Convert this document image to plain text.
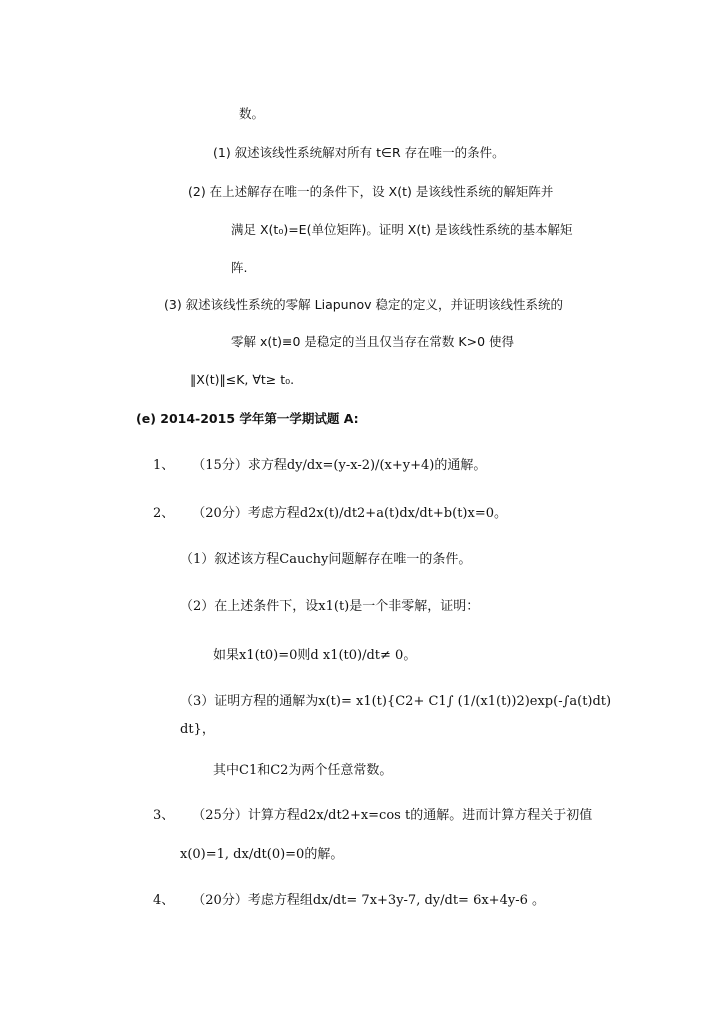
数。
(1) 叙述该线性系统解对所有 t∈R 存在唯一的条件。
(2) 在上述解存在唯一的条件下，设 X(t) 是该线性系统的解矩阵并
满足 X(t₀)=E(单位矩阵)。证明 X(t) 是该线性系统的基本解矩
阵.
(3) 叙述该线性系统的零解 Liapunov 稳定的定义，并证明该线性系统的
零解 x(t)≡0 是稳定的当且仅当存在常数 K>0 使得
‖X(t)‖≤K, ∀t≥ t₀.
(e) 2014-2015 学年第一学期试题 A:
1、 （15分）求方程dy/dx=(y-x-2)/(x+y+4)的通解。
2、 （20分）考虑方程d2x(t)/dt2+a(t)dx/dt+b(t)x=0。
（1）叙述该方程Cauchy问题解存在唯一的条件。
（2）在上述条件下，设x1(t)是一个非零解，证明：
如果x1(t0)=0则d x1(t0)/dt≠ 0。
（3）证明方程的通解为x(t)= x1(t){C2+ C1∫ (1/(x1(t))2)exp(-∫a(t)dt)
dt}，
其中C1和C2为两个任意常数。
3、 （25分）计算方程d2x/dt2+x=cos t的通解。进而计算方程关于初值
x(0)=1, dx/dt(0)=0的解。
4、 （20分）考虑方程组dx/dt= 7x+3y-7, dy/dt= 6x+4y-6 。
